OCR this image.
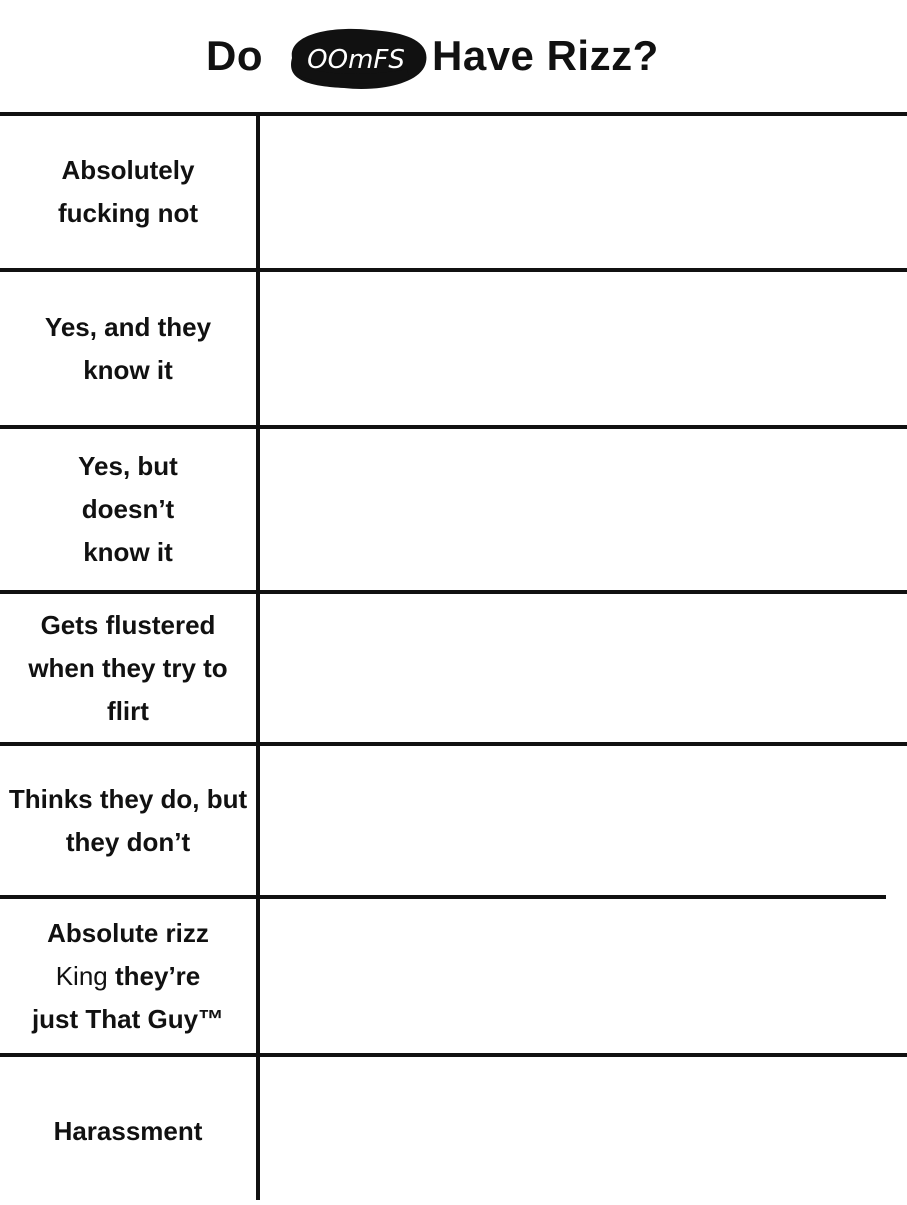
Do OOmFS Have Rizz?
Absolutely fucking not
Yes, and they know it
Yes, but doesn’t know it
Gets flustered when they try to flirt
Thinks they do, but they don’t
Absolute rizz
King they’re
just That Guy™
Harassment
